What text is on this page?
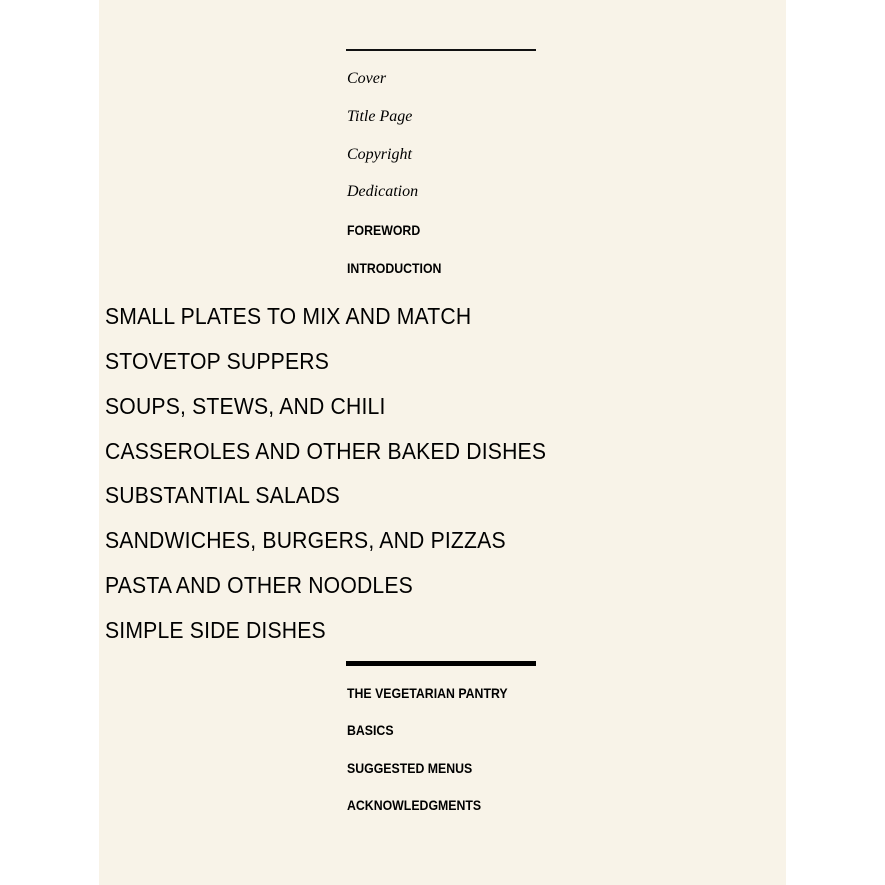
Cover
Title Page
Copyright
Dedication
FOREWORD
INTRODUCTION
SMALL PLATES TO MIX AND MATCH
STOVETOP SUPPERS
SOUPS, STEWS, AND CHILI
CASSEROLES AND OTHER BAKED DISHES
SUBSTANTIAL SALADS
SANDWICHES, BURGERS, AND PIZZAS
PASTA AND OTHER NOODLES
SIMPLE SIDE DISHES
THE VEGETARIAN PANTRY
BASICS
SUGGESTED MENUS
ACKNOWLEDGMENTS
